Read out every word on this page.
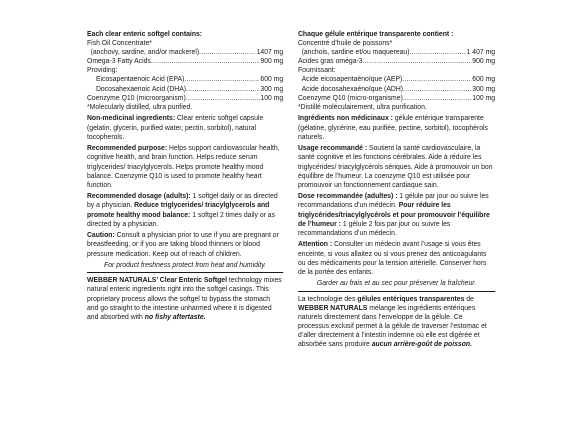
Each clear enteric softgel contains:

Fish Oil Concentrate*

(anchovy, sardine, and/or mackerel) .....	1407 mg
Omega-3 Fatty Acids .....	900 mg

Providing:

Eicosapentaenoic Acid (EPA) .....	600 mg
Docosahexaenoic Acid (DHA) .....	300 mg
Coenzyme Q10 (microorganism) .....	100 mg

*Molecularly distilled, ultra purified.

Non-medicinal ingredients: Clear enteric softgel capsule (gelatin, glycerin, purified water, pectin, sorbitol), natural tocopherols.

Recommended purpose: Helps support cardiovascular health, cognitive health, and brain function. Helps reduce serum triglycerides/ triacylglycerols. Helps promote healthy mood balance. Coenzyme Q10 is used to promote healthy heart function.

Recommended dosage (adults): 1 softgel daily or as directed by a physician. Reduce triglycerides/ triacylglycerols and promote healthy mood balance: 1 softgel 2 times daily or as directed by a physician.

Caution: Consult a physician prior to use if you are pregnant or breastfeeding, or if you are taking blood thinners or blood pressure medication. Keep out of reach of children.

For product freshness protect from heat and humidity.

WEBBER NATURALS’ Clear Enteric Softgel technology mixes natural enteric ingredients right into the softgel casings. This proprietary process allows the softgel to bypass the stomach and go straight to the intestine unharmed where it is digested and absorbed with no fishy aftertaste.

Chaque gélule entérique transparente contient :

Concentré d’huile de poissons*

(anchois, sardine et/ou maquereau) .....	1 407 mg
Acides gras oméga-3 .....	900 mg

Fournissant:

Acide eicosapentaénoïque (AEP) .....	600 mg
Acide docosahexaénoïque (ADH) .....	300 mg
Coenzyme Q10 (micro-organisme) .....	100 mg

*Distillé moléculairement, ultra purification.

Ingrédients non médicinaux : gélule entérique transparente (gélatine, glycérine, eau purifiée, pectine, sorbitol), tocophérols naturels.

Usage recommandé : Soutient la santé cardiovasculaire, la santé cognitive et les fonctions cérébrales. Aide à réduire les triglycérides/ triacylglycérols sériques. Aide à promouvoir un bon équilibre de l’humeur. La coenzyme Q10 est utilisée pour promouvoir un fonctionnement cardiaque sain.

Dose recommandée (adultes) : 1 gélule par jour ou suivre les recommandations d’un médecin. Pour réduire les triglycérides/triacylglycérols et pour promouvoir l’équilibre de l’humeur : 1 gélule 2 fois par jour ou suivre les recommandations d’un médecin.

Attention : Consulter un médecin avant l’usage si vous êtes enceinte, si vous allaitez ou si vous prenez des anticoagulants ou des médicaments pour la tension artérielle. Conserver hors de la portée des enfants.

Garder au frais et au sec pour préserver la fraîcheur.

La technologie des gélules entériques transparentes de WEBBER NATURALS mélange les ingrédients entériques naturels directement dans l’enveloppe de la gélule. Ce processus exclusif permet à la gélule de traverser l’estomac et d’aller directement à l’intestin indemne où elle est digérée et absorbée sans produire aucun arrière-goût de poisson.
